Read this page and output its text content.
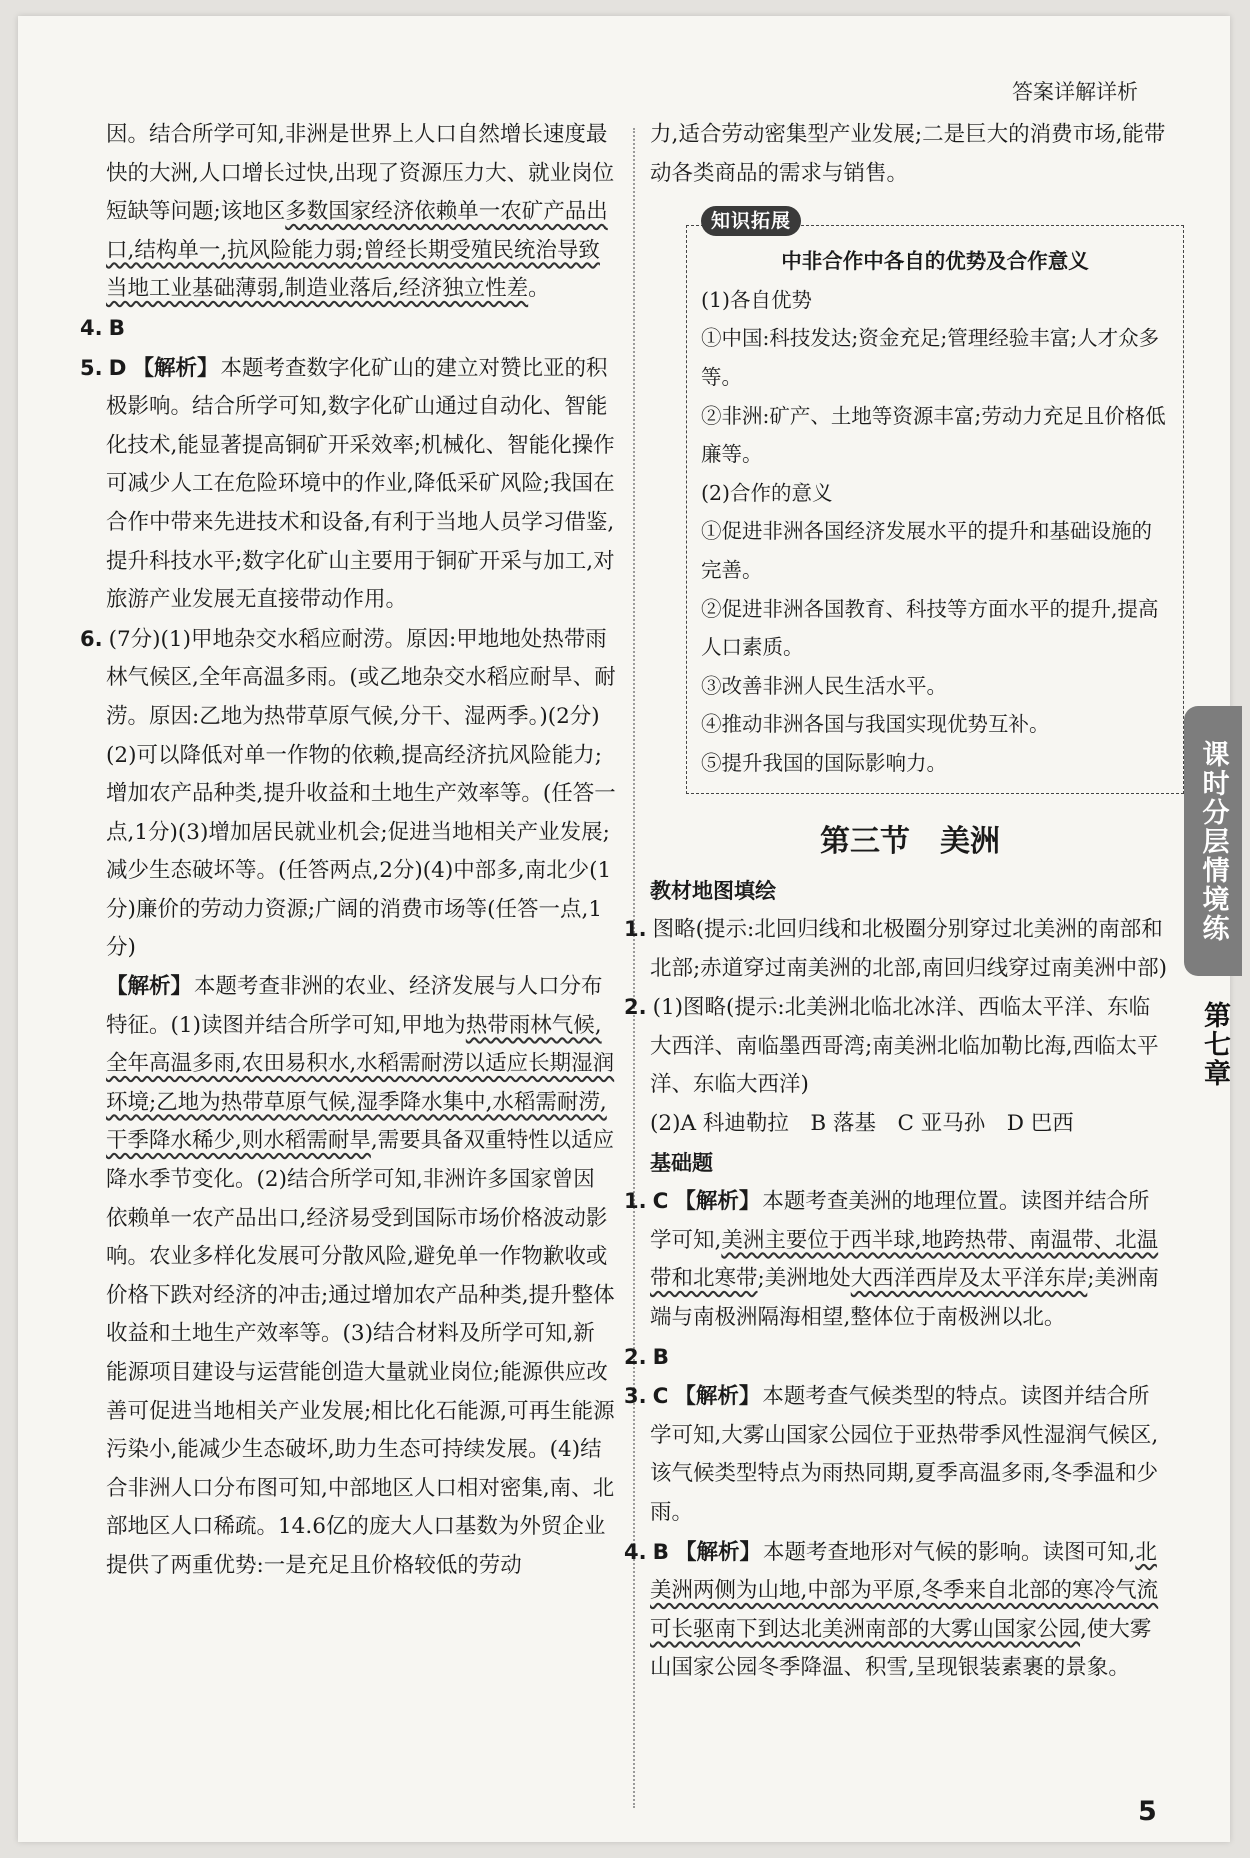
答案详解详析

因。结合所学可知,非洲是世界上人口自然增长速度最快的大洲,人口增长过快,出现了资源压力大、就业岗位短缺等问题;该地区多数国家经济依赖单一农矿产品出口,结构单一,抗风险能力弱;曾经长期受殖民统治导致当地工业基础薄弱,制造业落后,经济独立性差。

4. B

5. D 【解析】本题考查数字化矿山的建立对赞比亚的积极影响。结合所学可知,数字化矿山通过自动化、智能化技术,能显著提高铜矿开采效率;机械化、智能化操作可减少人工在危险环境中的作业,降低采矿风险;我国在合作中带来先进技术和设备,有利于当地人员学习借鉴,提升科技水平;数字化矿山主要用于铜矿开采与加工,对旅游产业发展无直接带动作用。

6. (7分)(1)甲地杂交水稻应耐涝。原因:甲地地处热带雨林气候区,全年高温多雨。(或乙地杂交水稻应耐旱、耐涝。原因:乙地为热带草原气候,分干、湿两季。)(2分)(2)可以降低对单一作物的依赖,提高经济抗风险能力;增加农产品种类,提升收益和土地生产效率等。(任答一点,1分)(3)增加居民就业机会;促进当地相关产业发展;减少生态破坏等。(任答两点,2分)(4)中部多,南北少(1分)廉价的劳动力资源;广阔的消费市场等(任答一点,1分)

【解析】本题考查非洲的农业、经济发展与人口分布特征。(1)读图并结合所学可知,甲地为热带雨林气候,全年高温多雨,农田易积水,水稻需耐涝以适应长期湿润环境;乙地为热带草原气候,湿季降水集中,水稻需耐涝,干季降水稀少,则水稻需耐旱,需要具备双重特性以适应降水季节变化。(2)结合所学可知,非洲许多国家曾因依赖单一农产品出口,经济易受到国际市场价格波动影响。农业多样化发展可分散风险,避免单一作物歉收或价格下跌对经济的冲击;通过增加农产品种类,提升整体收益和土地生产效率等。(3)结合材料及所学可知,新能源项目建设与运营能创造大量就业岗位;能源供应改善可促进当地相关产业发展;相比化石能源,可再生能源污染小,能减少生态破坏,助力生态可持续发展。(4)结合非洲人口分布图可知,中部地区人口相对密集,南、北部地区人口稀疏。14.6亿的庞大人口基数为外贸企业提供了两重优势:一是充足且价格较低的劳动

力,适合劳动密集型产业发展;二是巨大的消费市场,能带动各类商品的需求与销售。

知识拓展
中非合作中各自的优势及合作意义
(1)各自优势
①中国:科技发达;资金充足;管理经验丰富;人才众多等。
②非洲:矿产、土地等资源丰富;劳动力充足且价格低廉等。
(2)合作的意义
①促进非洲各国经济发展水平的提升和基础设施的完善。
②促进非洲各国教育、科技等方面水平的提升,提高人口素质。
③改善非洲人民生活水平。
④推动非洲各国与我国实现优势互补。
⑤提升我国的国际影响力。
第三节　美洲

教材地图填绘

1. 图略(提示:北回归线和北极圈分别穿过北美洲的南部和北部;赤道穿过南美洲的北部,南回归线穿过南美洲中部)

2. (1)图略(提示:北美洲北临北冰洋、西临太平洋、东临大西洋、南临墨西哥湾;南美洲北临加勒比海,西临太平洋、东临大西洋)

(2)A 科迪勒拉　B 落基　C 亚马孙　D 巴西

基础题

1. C 【解析】本题考查美洲的地理位置。读图并结合所学可知,美洲主要位于西半球,地跨热带、南温带、北温带和北寒带;美洲地处大西洋西岸及太平洋东岸;美洲南端与南极洲隔海相望,整体位于南极洲以北。

2. B

3. C 【解析】本题考查气候类型的特点。读图并结合所学可知,大雾山国家公园位于亚热带季风性湿润气候区,该气候类型特点为雨热同期,夏季高温多雨,冬季温和少雨。

4. B 【解析】本题考查地形对气候的影响。读图可知,北美洲两侧为山地,中部为平原,冬季来自北部的寒冷气流可长驱南下到达北美洲南部的大雾山国家公园,使大雾山国家公园冬季降温、积雪,呈现银装素裹的景象。

课时分层情境练
第七章
5
